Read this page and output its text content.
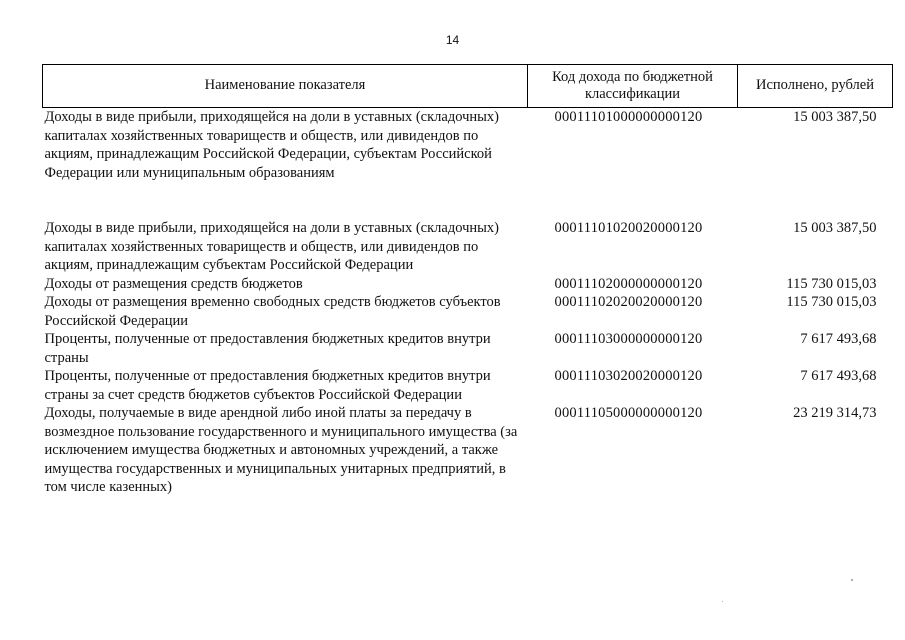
14
Наименование показателя	Код дохода по бюджетной классификации	Исполнено, рублей
Доходы в виде прибыли, приходящейся на доли в уставных (складочных) капиталах хозяйственных товариществ и обществ, или дивидендов по акциям, принадлежащим Российской Федерации, субъектам Российской Федерации или муниципальным образованиям	00011101000000000120	15 003 387,50

Доходы в виде прибыли, приходящейся на доли в уставных (складочных) капиталах хозяйственных товариществ и обществ, или дивидендов по акциям, принадлежащим субъектам Российской Федерации	00011101020020000120	15 003 387,50
Доходы от размещения средств бюджетов	00011102000000000120	115 730 015,03
Доходы от размещения временно свободных средств бюджетов субъектов Российской Федерации	00011102020020000120	115 730 015,03
Проценты, полученные от предоставления бюджетных кредитов внутри страны	00011103000000000120	7 617 493,68
Проценты, полученные от предоставления бюджетных кредитов внутри страны за счет средств бюджетов субъектов Российской Федерации	00011103020020000120	7 617 493,68
Доходы, получаемые в виде арендной либо иной платы за передачу в возмездное пользование государственного и муниципального имущества (за исключением имущества бюджетных и автономных учреждений, а также имущества государственных и муниципальных унитарных предприятий, в том числе казенных)	00011105000000000120	23 219 314,73
